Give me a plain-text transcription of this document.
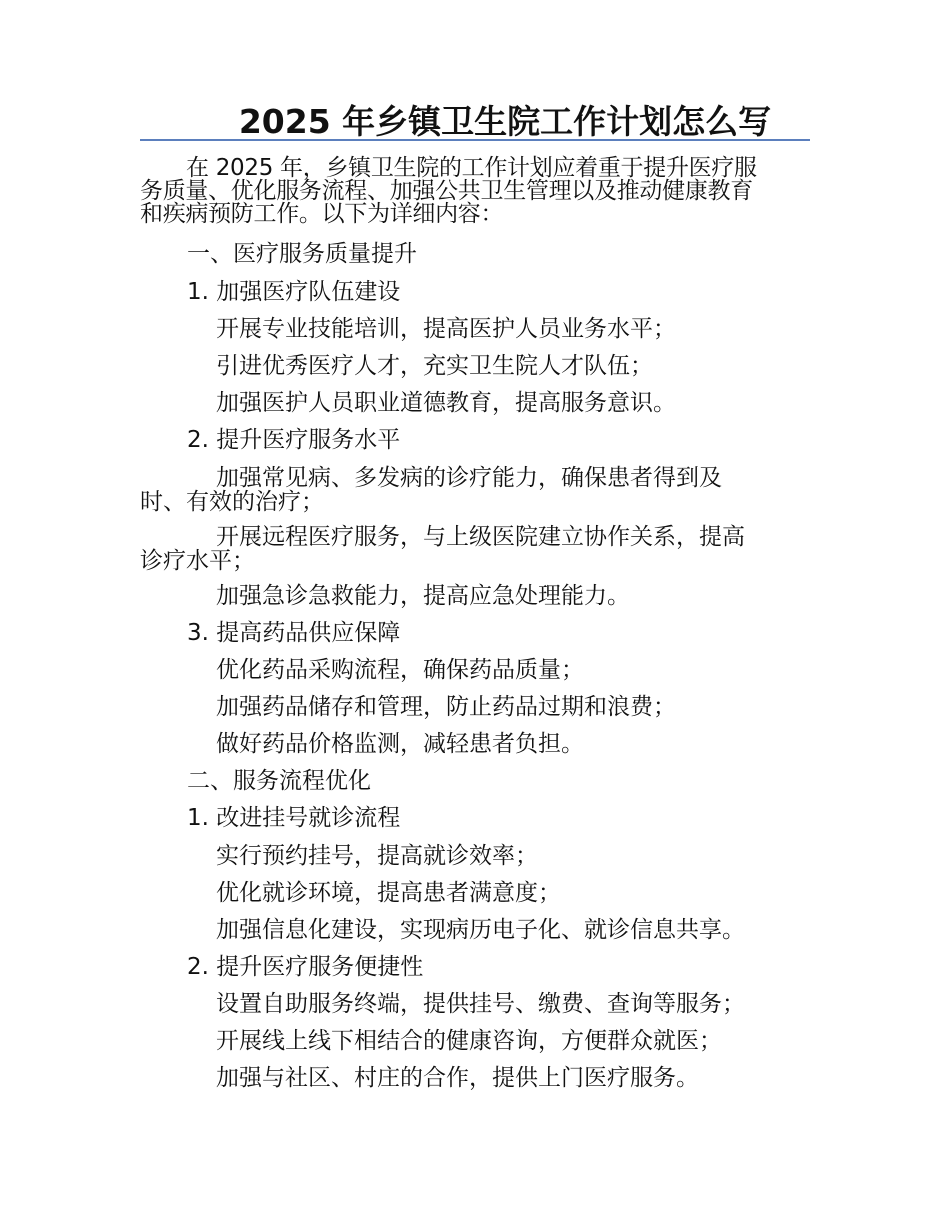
2025 年乡镇卫生院工作计划怎么写
在 2025 年，乡镇卫生院的工作计划应着重于提升医疗服
务质量、优化服务流程、加强公共卫生管理以及推动健康教育
和疾病预防工作。以下为详细内容：
一、医疗服务质量提升
1. 加强医疗队伍建设
开展专业技能培训，提高医护人员业务水平；
引进优秀医疗人才，充实卫生院人才队伍；
加强医护人员职业道德教育，提高服务意识。
2. 提升医疗服务水平
加强常见病、多发病的诊疗能力，确保患者得到及
时、有效的治疗；
开展远程医疗服务，与上级医院建立协作关系，提高
诊疗水平；
加强急诊急救能力，提高应急处理能力。
3. 提高药品供应保障
优化药品采购流程，确保药品质量；
加强药品储存和管理，防止药品过期和浪费；
做好药品价格监测，减轻患者负担。
二、服务流程优化
1. 改进挂号就诊流程
实行预约挂号，提高就诊效率；
优化就诊环境，提高患者满意度；
加强信息化建设，实现病历电子化、就诊信息共享。
2. 提升医疗服务便捷性
设置自助服务终端，提供挂号、缴费、查询等服务；
开展线上线下相结合的健康咨询，方便群众就医；
加强与社区、村庄的合作，提供上门医疗服务。
